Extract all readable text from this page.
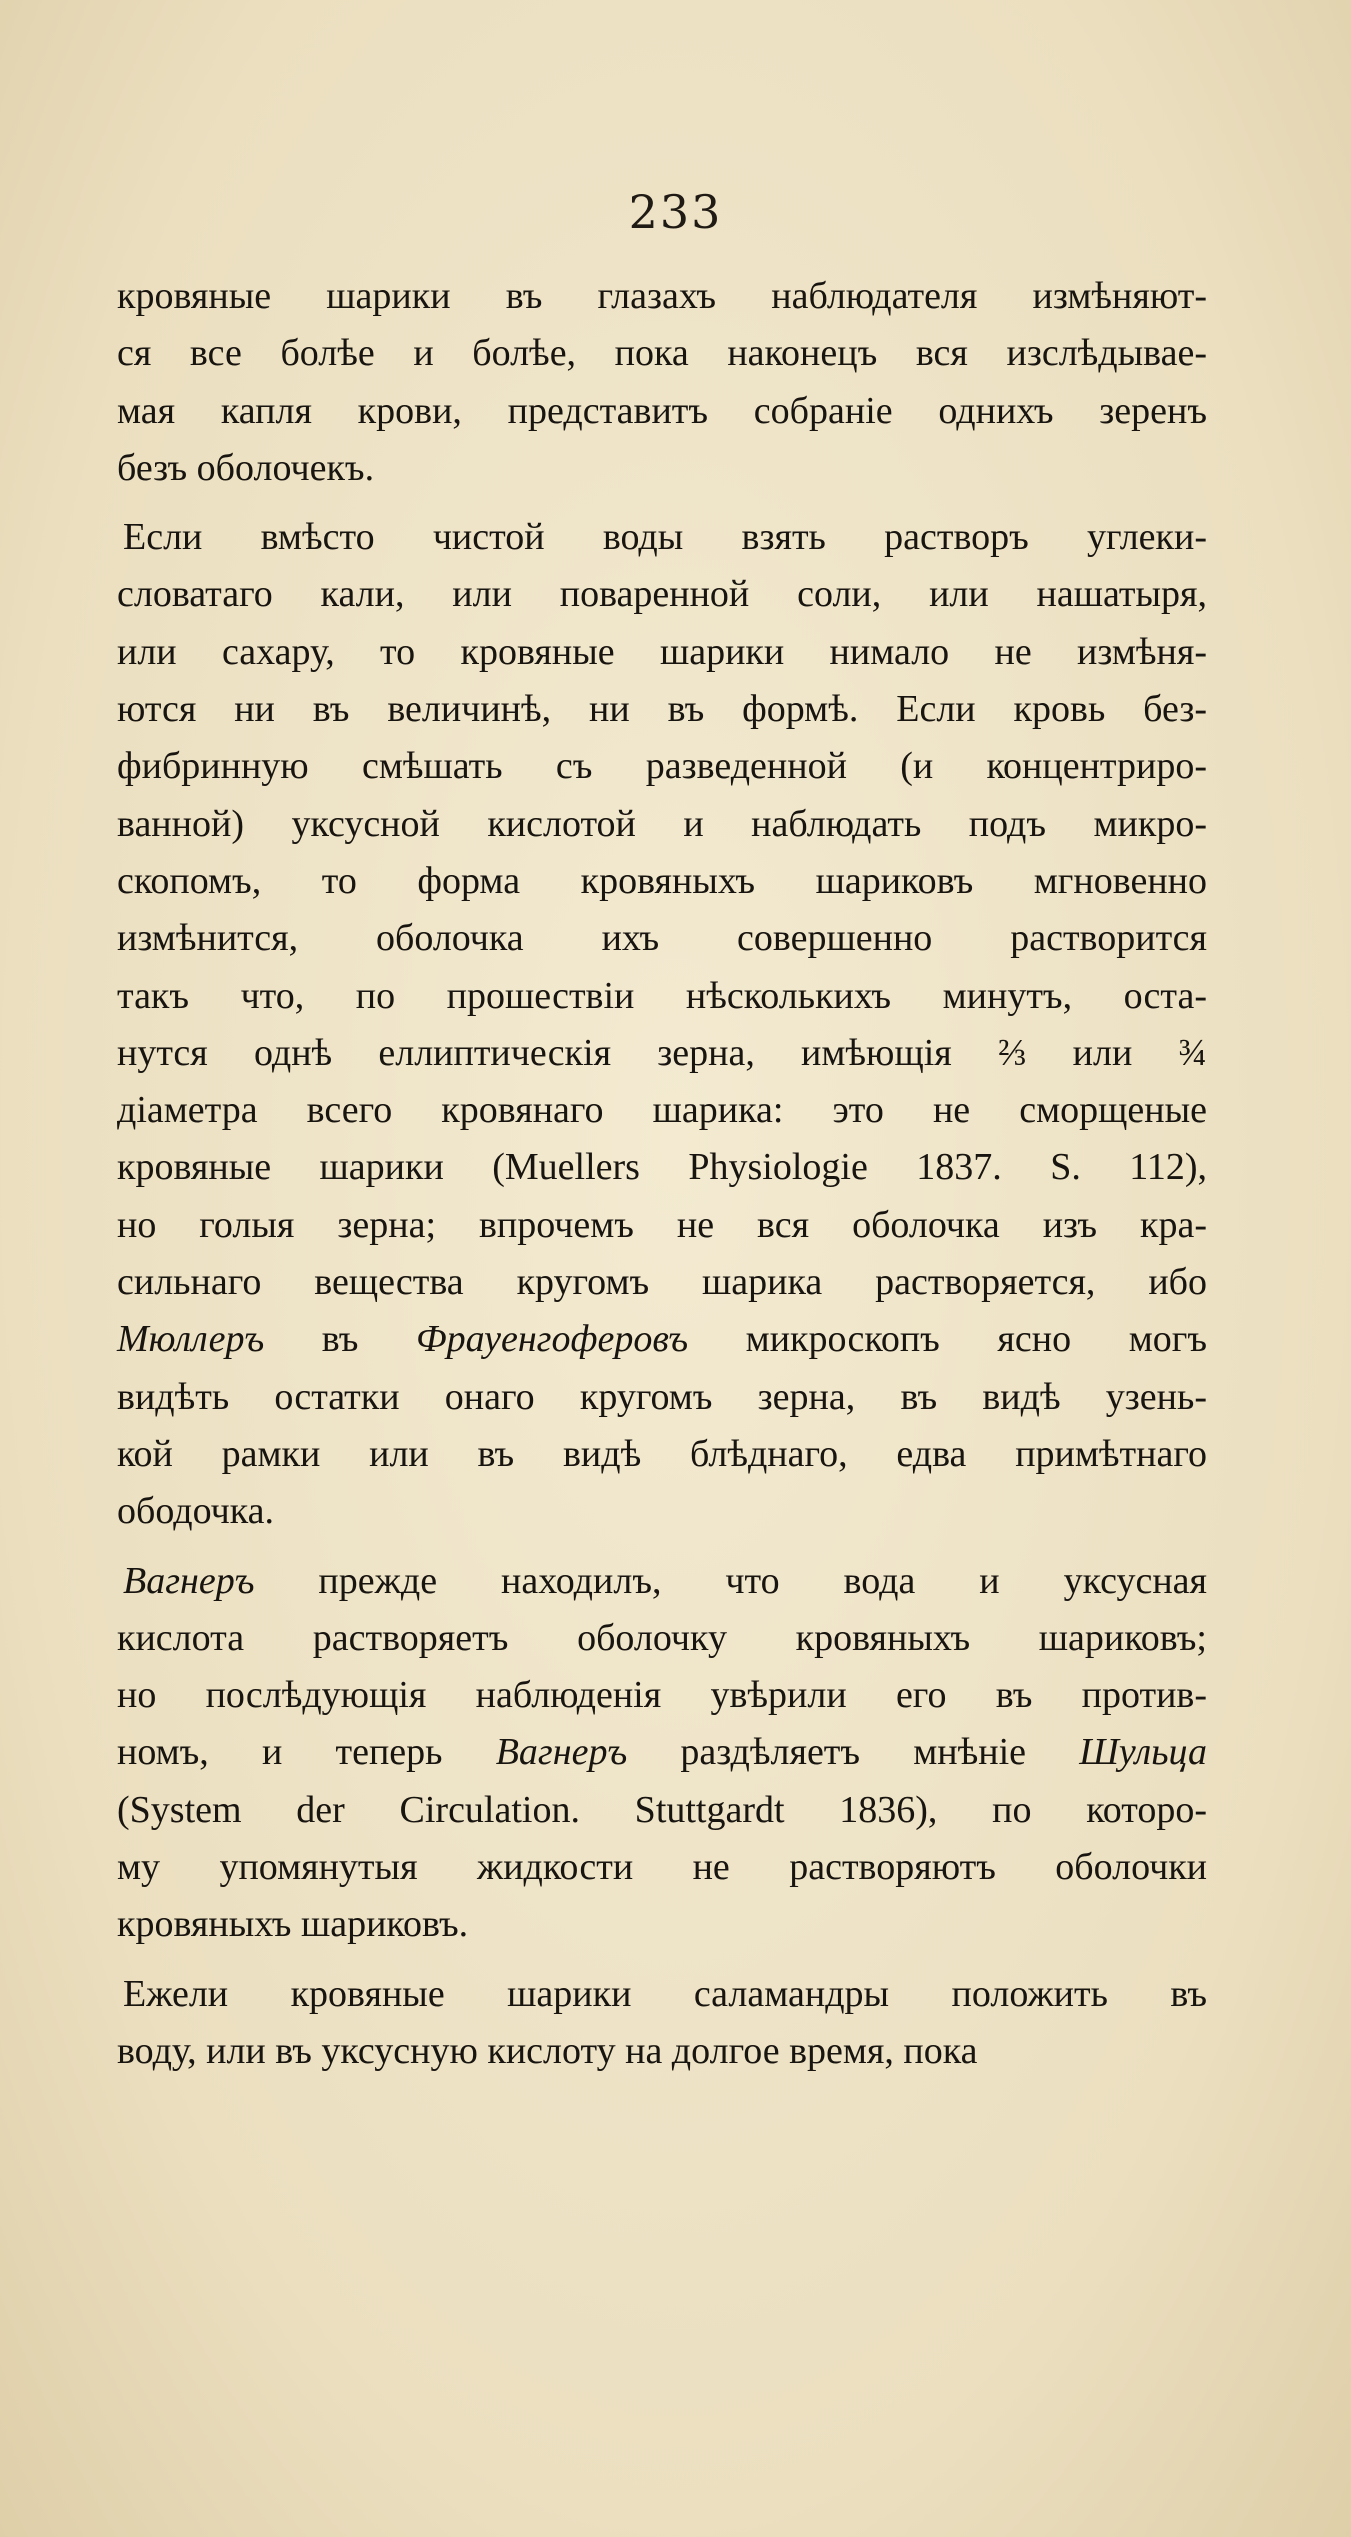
233
кровяные шарики въ глазахъ наблюдателя измѣняют-
ся все болѣе и болѣе, пока наконецъ вся изслѣдывае-
мая капля крови, представитъ собраніе однихъ зеренъ
безъ оболочекъ.
Если вмѣсто чистой воды взять растворъ углеки-
словатаго кали, или поваренной соли, или нашатыря,
или сахару, то кровяные шарики нимало не измѣня-
ются ни въ величинѣ, ни въ формѣ. Если кровь без-
фибринную смѣшать съ разведенной (и концентриро-
ванной) уксусной кислотой и наблюдать подъ микро-
скопомъ, то форма кровяныхъ шариковъ мгновенно
измѣнится, оболочка ихъ совершенно растворится
такъ что, по прошествіи нѣсколькихъ минутъ, оста-
нутся однѣ еллиптическія зерна, имѣющія ⅔ или ¾
діаметра всего кровянаго шарика: это не сморщеные
кровяные шарики (Muellers Physiologie 1837. S. 112),
но голыя зерна; впрочемъ не вся оболочка изъ кра-
сильнаго вещества кругомъ шарика растворяется, ибо
Мюллеръ въ Фрауенгоферовъ микроскопъ ясно могъ
видѣть остатки онаго кругомъ зерна, въ видѣ узень-
кой рамки или въ видѣ блѣднаго, едва примѣтнаго
ободочка.
Вагнеръ прежде находилъ, что вода и уксусная
кислота растворяетъ оболочку кровяныхъ шариковъ;
но послѣдующія наблюденія увѣрили его въ против-
номъ, и теперь Вагнеръ раздѣляетъ мнѣніе Шульца
(System der Circulation. Stuttgardt 1836), по которо-
му упомянутыя жидкости не растворяютъ оболочки
кровяныхъ шариковъ.
Ежели кровяные шарики саламандры положить въ
воду, или въ уксусную кислоту на долгое время, пока
